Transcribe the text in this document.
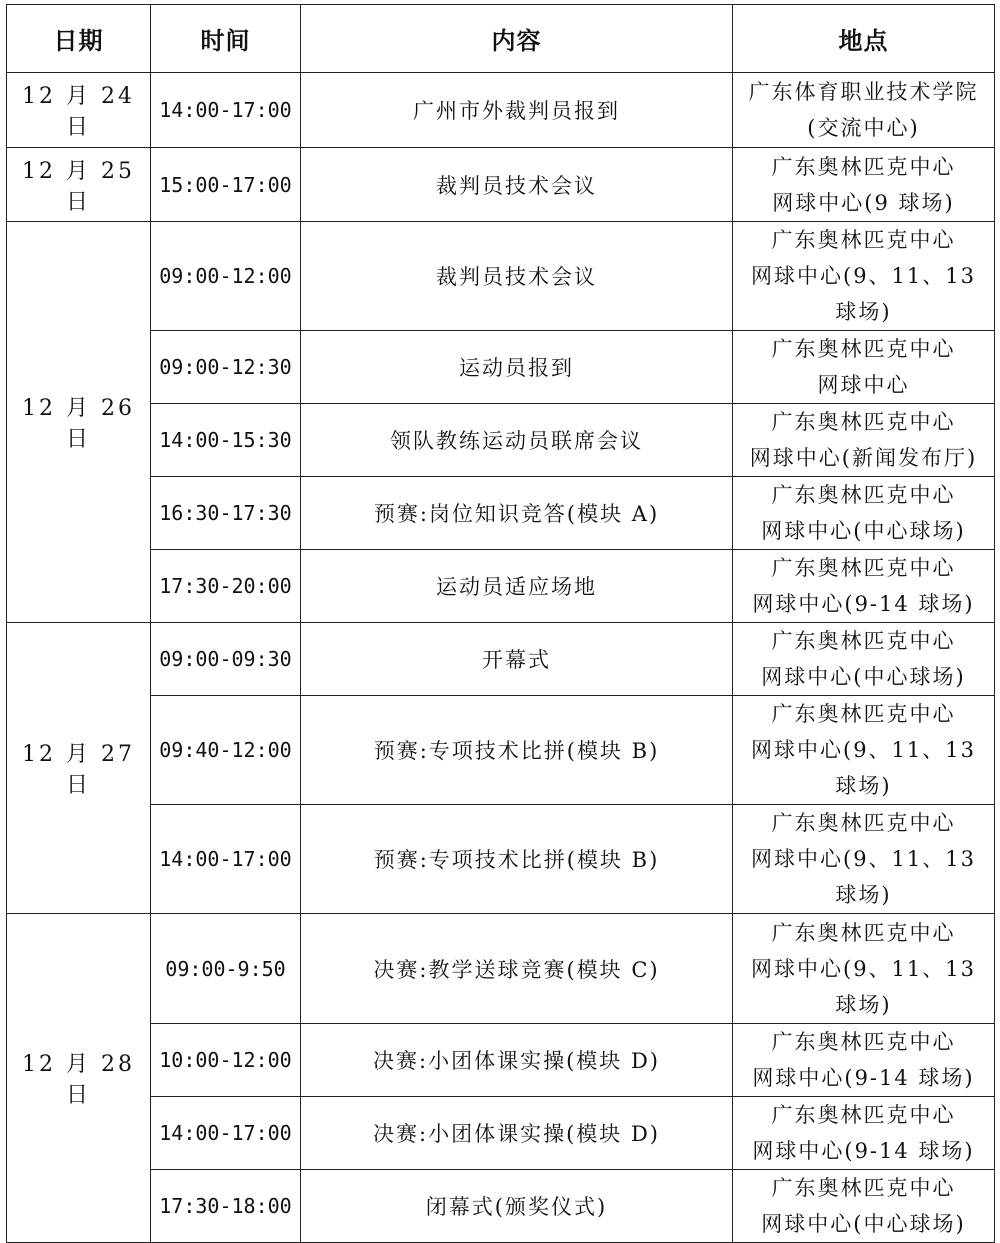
日期	时间	内容	地点
12 月 24 日	14:00-17:00	广州市外裁判员报到	广东体育职业技术学院
(交流中心)

12 月 25 日	15:00-17:00	裁判员技术会议	广东奥林匹克中心
网球中心(9 球场)

12 月 26 日	09:00-12:00	裁判员技术会议	广东奥林匹克中心
网球中心(9、11、13
球场)

	09:00-12:30	运动员报到	广东奥林匹克中心
网球中心

	14:00-15:30	领队教练运动员联席会议	广东奥林匹克中心
网球中心(新闻发布厅)

	16:30-17:30	预赛:岗位知识竞答(模块 A)	广东奥林匹克中心
网球中心(中心球场)

	17:30-20:00	运动员适应场地	广东奥林匹克中心
网球中心(9-14 球场)

12 月 27 日	09:00-09:30	开幕式	广东奥林匹克中心
网球中心(中心球场)

	09:40-12:00	预赛:专项技术比拼(模块 B)	广东奥林匹克中心
网球中心(9、11、13
球场)

	14:00-17:00	预赛:专项技术比拼(模块 B)	广东奥林匹克中心
网球中心(9、11、13
球场)

12 月 28 日	09:00-9:50	决赛:教学送球竞赛(模块 C)	广东奥林匹克中心
网球中心(9、11、13
球场)

	10:00-12:00	决赛:小团体课实操(模块 D)	广东奥林匹克中心
网球中心(9-14 球场)

	14:00-17:00	决赛:小团体课实操(模块 D)	广东奥林匹克中心
网球中心(9-14 球场)

	17:30-18:00	闭幕式(颁奖仪式)	广东奥林匹克中心
网球中心(中心球场)
